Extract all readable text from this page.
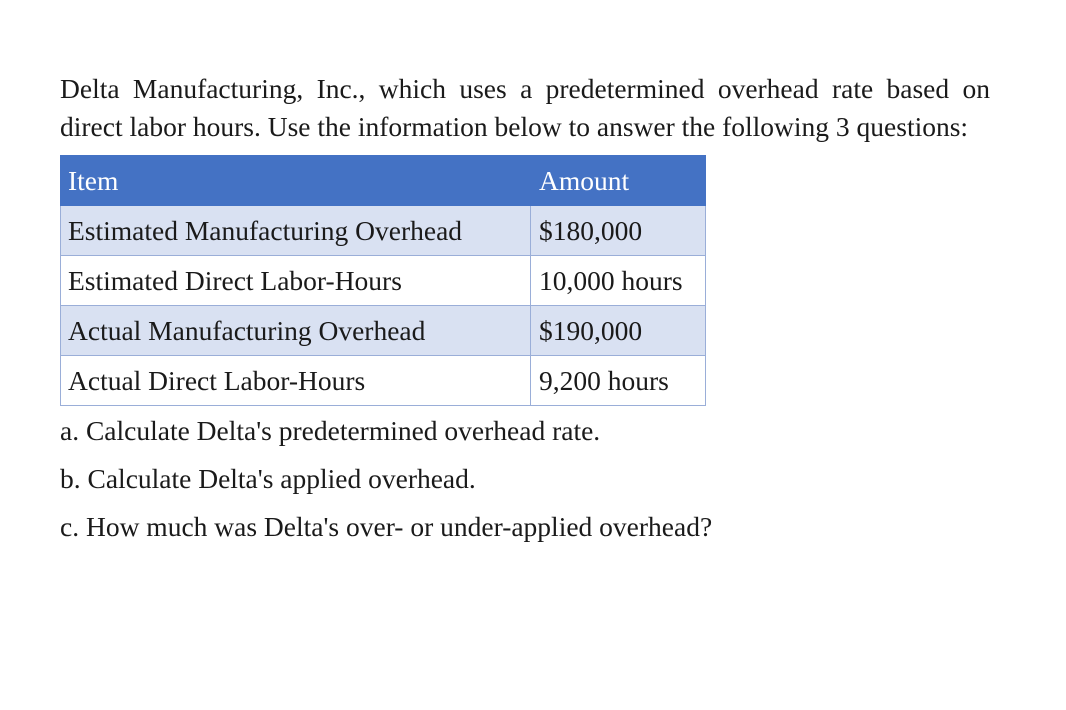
Delta Manufacturing, Inc., which uses a predetermined overhead rate based on direct labor hours. Use the information below to answer the following 3 questions:

Item	Amount
Estimated Manufacturing Overhead	$180,000
Estimated Direct Labor-Hours	10,000 hours
Actual Manufacturing Overhead	$190,000
Actual Direct Labor-Hours	9,200 hours

a. Calculate Delta's predetermined overhead rate.

b. Calculate Delta's applied overhead.

c. How much was Delta's over- or under-applied overhead?
